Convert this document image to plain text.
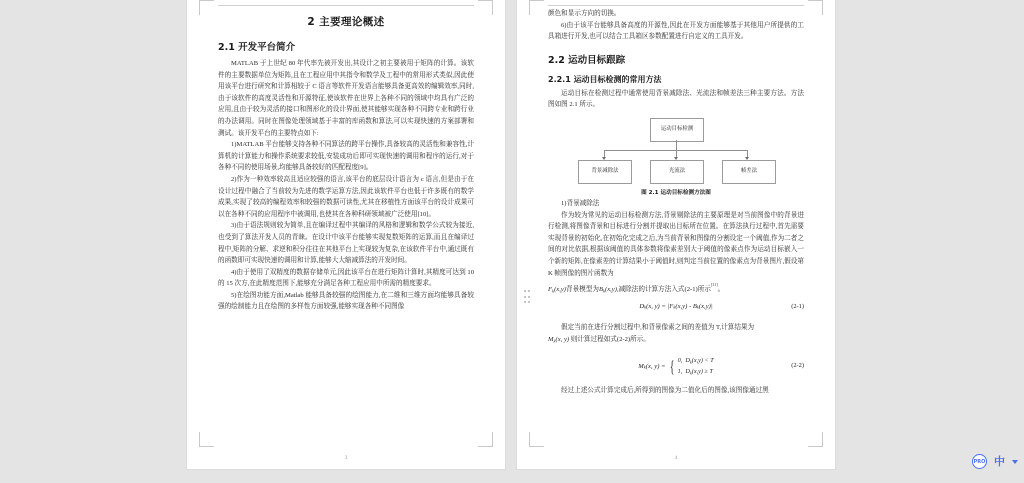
2 主要理论概述
2.1 开发平台简介

MATLAB 于上世纪 80 年代率先被开发出,其设计之初主要被用于矩阵的计算。该软件的主要数据单位为矩阵,且在工程应用中其指令和数学及工程中的常用形式类似,因此使用该平台进行研究和计算相较于 C 语言等软件开发语言能够具备更高效的编辑效率,同时,由于该软件的高度灵活性和开源特征,使该软件在世界上各种不同的领域中均具有广泛的应用,且由于较为灵活的接口和图形化的设计界面,使其能够实现各种不同跨专业和跨行业的办法调用。同时在图像处理领域基于丰富的库函数和算法,可以实现快速的方案部署和测试。该开发平台的主要特点如下:

1)MATLAB 平台能够支持各种不同算法的跨平台操作,具备较高的灵活性和兼容性,计算机的计算能力和操作系统要求较低,安装成功后即可实现快速的调用和程序的运行,对于各种不同的使用场景,均能够具备较好的匹配程度[9]。

2)作为一种效率较高且适应较强的语言,该平台的底层设计语言为 c 语言,但是由于在设计过程中融合了当前较为先进的数学运算方法,因此该软件平台也低于许多既有的数学成果,实现了较高的编程效率和较强的数据可读性,尤其在移植性方面该平台的设计成果可以在各种不同的应用程序中被调用,也使其在各种科研领域被广泛使用[10]。

3)由于语法规则较为简单,且在编译过程中其编译的风格和逻辑和数学公式较为接近,也受到了算法开发人员的青睐。在设计中该平台能够实现复数矩阵的运算,而且在编译过程中,矩阵的分解、求逆和积分往往在其他平台上实现较为复杂,在该软件平台中,通过既有的函数即可实现快速的调用和计算,能够大大缩减算法的开发时间。

4)由于使用了双精度的数据存储单元,因此该平台在进行矩阵计算时,其精度可达到 10 的 15 次方,在此精度范围下,能够充分满足各种工程应用中所需的精度要求。

5)在绘图功能方面,Matlab 能够具备较强的绘图能力,在二维和三维方面均能够具备较强的绘制能力且在绘图的多样性方面较强,能够实现各种不同图像

3

颜色和显示方向的切换。

6)由于该平台能够具备高度的开源性,因此在开发方面能够基于其他用户所提供的工具箱进行开发,也可以结合工具箱区参数配置进行自定义的工具开发。

2.2 运动目标跟踪
2.2.1 运动目标检测的常用方法

运动目标在检测过程中通常使用背景减除法、光流法和帧差法三种主要方法。方法图如图 2.1 所示。

运动目标检测
背景减除法	光流法	帧差法
图 2.1 运动目标检测方法图

1)背景减除法

作为较为常见的运动目标检测方法,背景剔除法的主要原理是对当前图像中的背景进行检测,将图像背景和目标进行分割并提取出目标所在位置。在算法执行过程中,首先需要实现背景的初始化,在初始化完成之后,为当前背景和图像的分割设定一个阈值,作为二者之间的对比依据,根据该阈值的具体参数将像素差别大于阈值的像素点作为运动目标嵌入一个新的矩阵,在像素差的计算结果小于阈值时,则判定当前位置的像素点为背景图片,假设第 K 帧图像的图片函数为

$F_k(x,y)$背景模型为$B_k(x,y)$,减除法的计算方法入式(2-1)所示[11]。

$D_k(x$, $y) = |F_k(x,y) - B_k(x,y)|$	(2-1)

假定当前在进行分割过程中,和背景像素之间的差值为 T,计算结果为

$M_k(x$, y) 则计算过程如式(2-2)所示。

$M_k(x$, y) = { 0,  $D_k(x,y) < T$
1,  $D_k(x,y) \ge T$
(2-2)

经过上述公式计算完成后,所得到的图像为二值化后的图像,该图像通过黑

4
PRO 中
